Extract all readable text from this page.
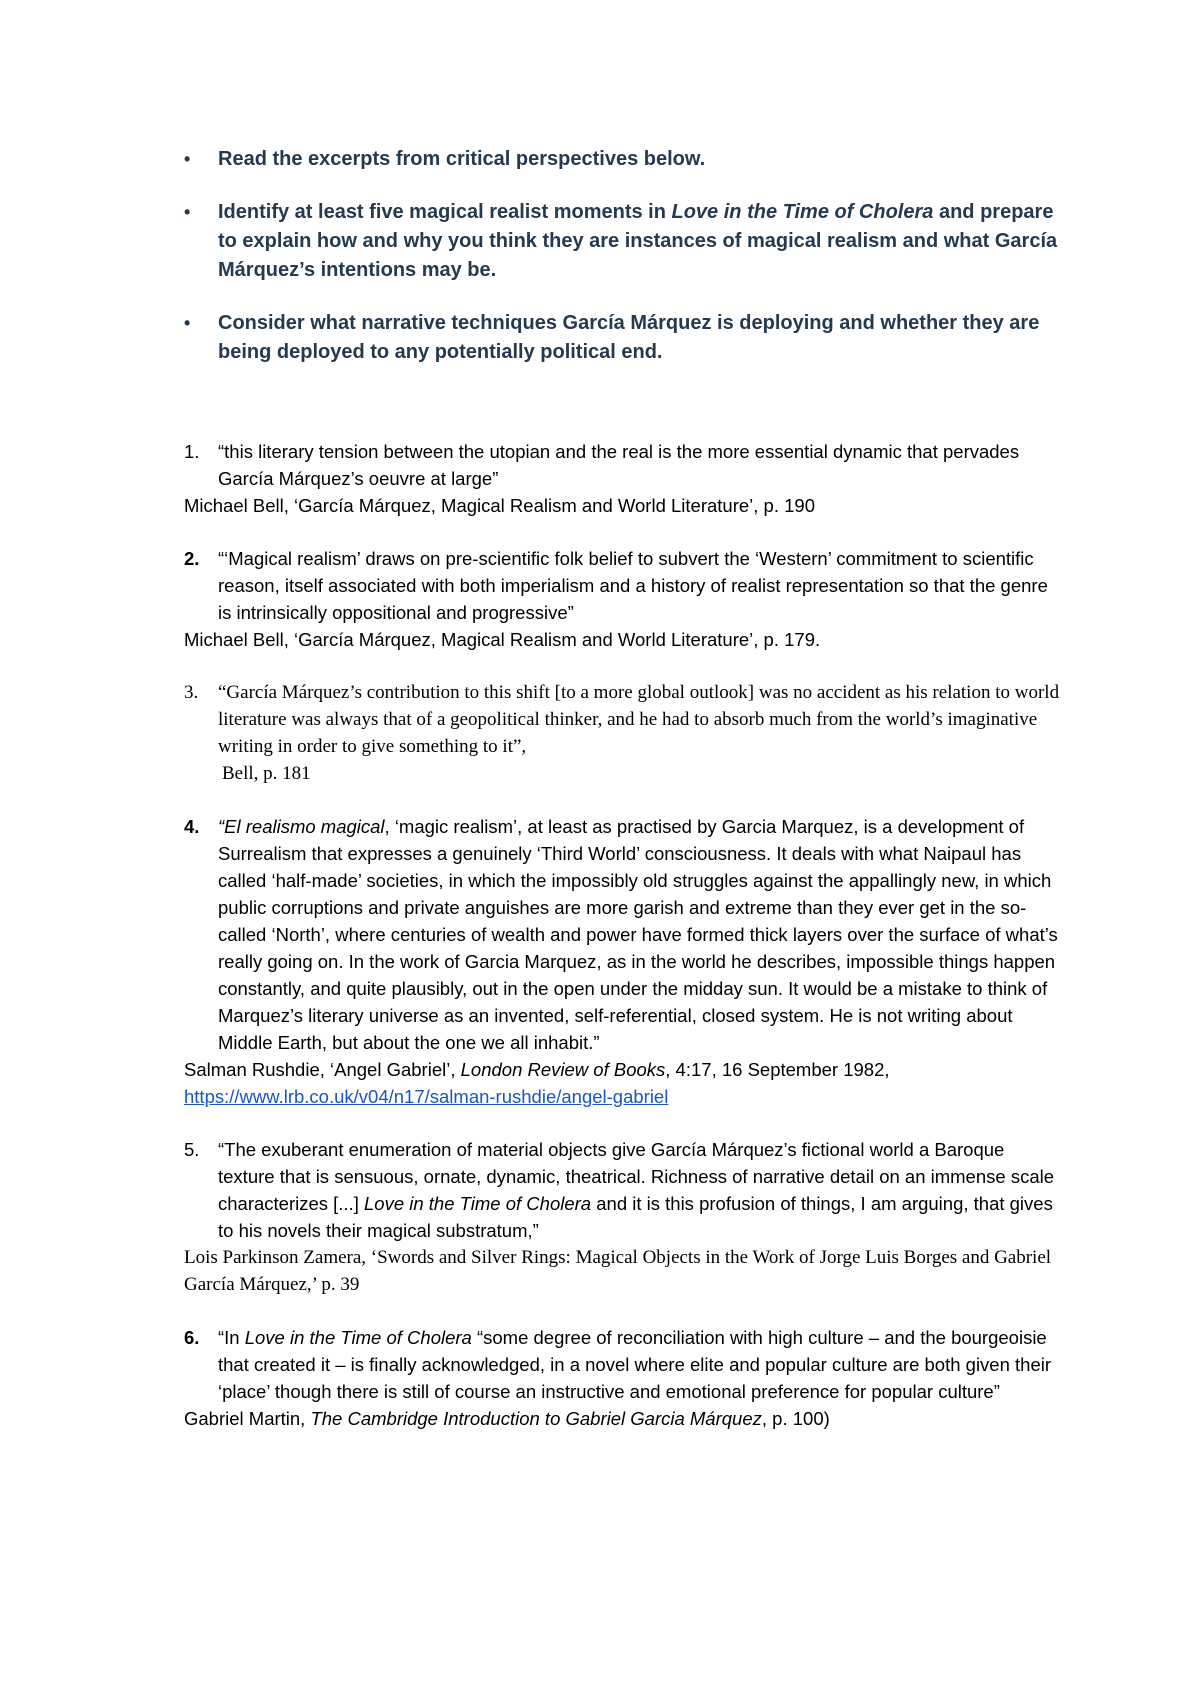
• Read the excerpts from critical perspectives below.
• Identify at least five magical realist moments in Love in the Time of Cholera and prepare to explain how and why you think they are instances of magical realism and what García Márquez’s intentions may be.
• Consider what narrative techniques García Márquez is deploying and whether they are being deployed to any potentially political end.
1. “this literary tension between the utopian and the real is the more essential dynamic that pervades García Márquez’s oeuvre at large”
Michael Bell, ‘García Márquez, Magical Realism and World Literature’, p. 190
2. “‘Magical realism’ draws on pre-scientific folk belief to subvert the ‘Western’ commitment to scientific reason, itself associated with both imperialism and a history of realist representation so that the genre is intrinsically oppositional and progressive”
Michael Bell, ‘García Márquez, Magical Realism and World Literature’, p. 179.
3. “García Márquez’s contribution to this shift [to a more global outlook] was no accident as his relation to world literature was always that of a geopolitical thinker, and he had to absorb much from the world’s imaginative writing in order to give something to it”,
Bell, p. 181
4. “El realismo magical, ‘magic realism’, at least as practised by Garcia Marquez, is a development of Surrealism that expresses a genuinely ‘Third World’ consciousness. It deals with what Naipaul has called ‘half-made’ societies, in which the impossibly old struggles against the appallingly new, in which public corruptions and private anguishes are more garish and extreme than they ever get in the so-called ‘North’, where centuries of wealth and power have formed thick layers over the surface of what’s really going on. In the work of Garcia Marquez, as in the world he describes, impossible things happen constantly, and quite plausibly, out in the open under the midday sun. It would be a mistake to think of Marquez’s literary universe as an invented, self-referential, closed system. He is not writing about Middle Earth, but about the one we all inhabit.”
Salman Rushdie, ‘Angel Gabriel’, London Review of Books, 4:17, 16 September 1982,
https://www.lrb.co.uk/v04/n17/salman-rushdie/angel-gabriel
5. “The exuberant enumeration of material objects give García Márquez’s fictional world a Baroque texture that is sensuous, ornate, dynamic, theatrical. Richness of narrative detail on an immense scale characterizes [...] Love in the Time of Cholera and it is this profusion of things, I am arguing, that gives to his novels their magical substratum,”
Lois Parkinson Zamera, ‘Swords and Silver Rings: Magical Objects in the Work of Jorge Luis Borges and Gabriel García Márquez,’ p. 39
6. “In Love in the Time of Cholera “some degree of reconciliation with high culture – and the bourgeoisie that created it – is finally acknowledged, in a novel where elite and popular culture are both given their ‘place’ though there is still of course an instructive and emotional preference for popular culture”
Gabriel Martin, The Cambridge Introduction to Gabriel Garcia Márquez, p. 100)
